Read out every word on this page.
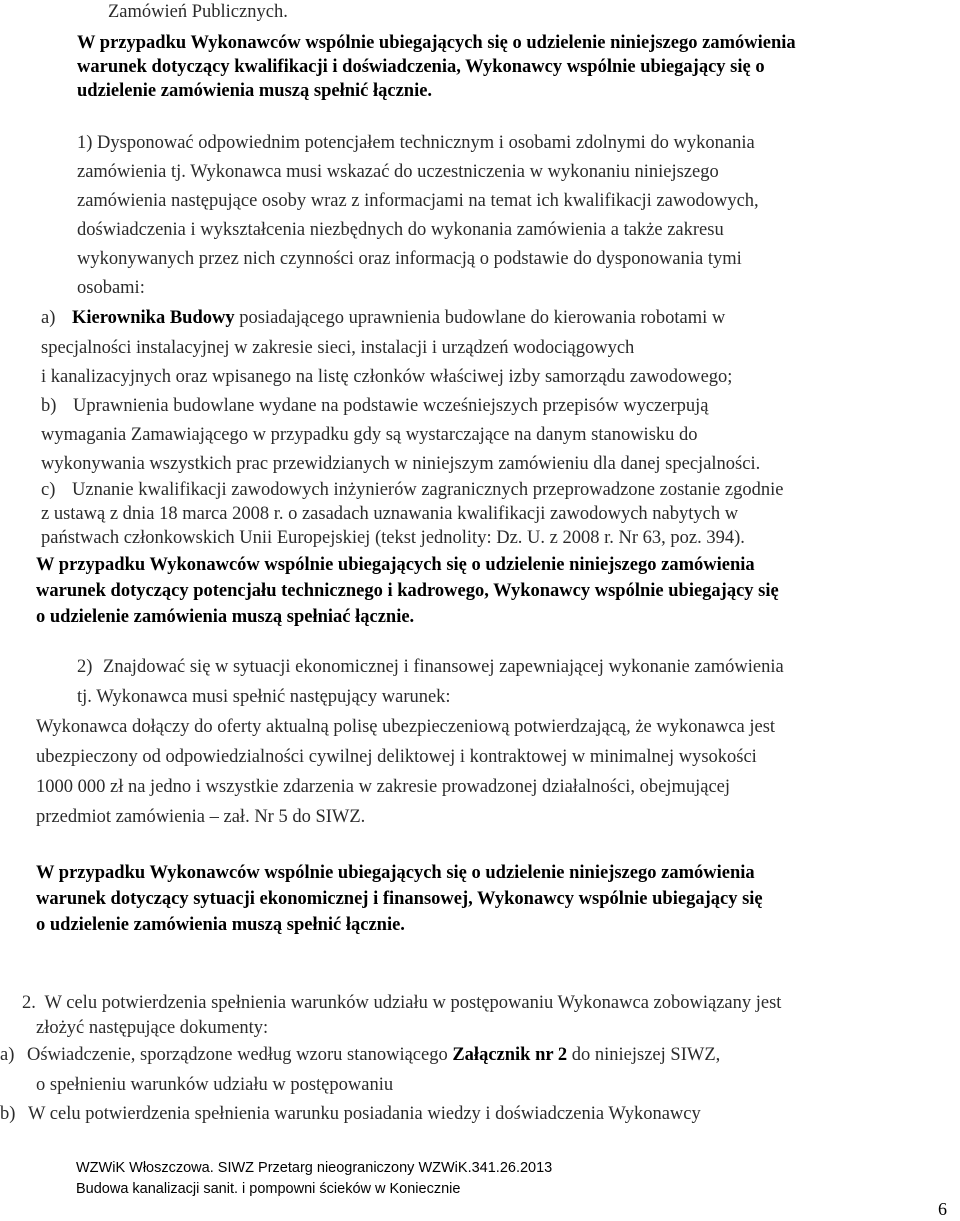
Zamówień Publicznych.

W przypadku Wykonawców wspólnie ubiegających się o udzielenie niniejszego zamówienia

warunek dotyczący kwalifikacji i doświadczenia, Wykonawcy wspólnie ubiegający się o

udzielenie zamówienia muszą spełnić łącznie.

1) Dysponować odpowiednim potencjałem technicznym i osobami zdolnymi do wykonania

zamówienia tj. Wykonawca musi wskazać do uczestniczenia w wykonaniu niniejszego

zamówienia następujące osoby wraz z informacjami na temat ich kwalifikacji zawodowych,

doświadczenia i wykształcenia niezbędnych do wykonania zamówienia a także zakresu

wykonywanych przez nich czynności oraz informacją o podstawie do dysponowania tymi

osobami:

a) Kierownika Budowy posiadającego uprawnienia budowlane do kierowania robotami w

specjalności instalacyjnej w zakresie sieci, instalacji i urządzeń wodociągowych

i kanalizacyjnych oraz wpisanego na listę członków właściwej izby samorządu zawodowego;

b) Uprawnienia budowlane wydane na podstawie wcześniejszych przepisów wyczerpują

wymagania Zamawiającego w przypadku gdy są wystarczające na danym stanowisku do

wykonywania wszystkich prac przewidzianych w niniejszym zamówieniu dla danej specjalności.

c) Uznanie kwalifikacji zawodowych inżynierów zagranicznych przeprowadzone zostanie zgodnie

z ustawą z dnia 18 marca 2008 r. o zasadach uznawania kwalifikacji zawodowych nabytych w

państwach członkowskich Unii Europejskiej (tekst jednolity: Dz. U. z 2008 r. Nr 63, poz. 394).

W przypadku Wykonawców wspólnie ubiegających się o udzielenie niniejszego zamówienia

warunek dotyczący potencjału technicznego i kadrowego, Wykonawcy wspólnie ubiegający się

o udzielenie zamówienia muszą spełniać łącznie.

2) Znajdować się w sytuacji ekonomicznej i finansowej zapewniającej wykonanie zamówienia

tj. Wykonawca musi spełnić następujący warunek:

Wykonawca dołączy do oferty aktualną polisę ubezpieczeniową potwierdzającą, że wykonawca jest

ubezpieczony od odpowiedzialności cywilnej deliktowej i kontraktowej w minimalnej wysokości

1000 000 zł na jedno i wszystkie zdarzenia w zakresie prowadzonej działalności, obejmującej

przedmiot zamówienia – zał. Nr 5 do SIWZ.

W przypadku Wykonawców wspólnie ubiegających się o udzielenie niniejszego zamówienia

warunek dotyczący sytuacji ekonomicznej i finansowej, Wykonawcy wspólnie ubiegający się

o udzielenie zamówienia muszą spełnić łącznie.

2. W celu potwierdzenia spełnienia warunków udziału w postępowaniu Wykonawca zobowiązany jest

złożyć następujące dokumenty:

a) Oświadczenie, sporządzone według wzoru stanowiącego Załącznik nr 2 do niniejszej SIWZ,

o spełnieniu warunków udziału w postępowaniu

b) W celu potwierdzenia spełnienia warunku posiadania wiedzy i doświadczenia Wykonawcy

WZWiK Włoszczowa. SIWZ Przetarg nieograniczony WZWiK.341.26.2013
Budowa kanalizacji sanit. i pompowni ścieków w Koniecznie
6
